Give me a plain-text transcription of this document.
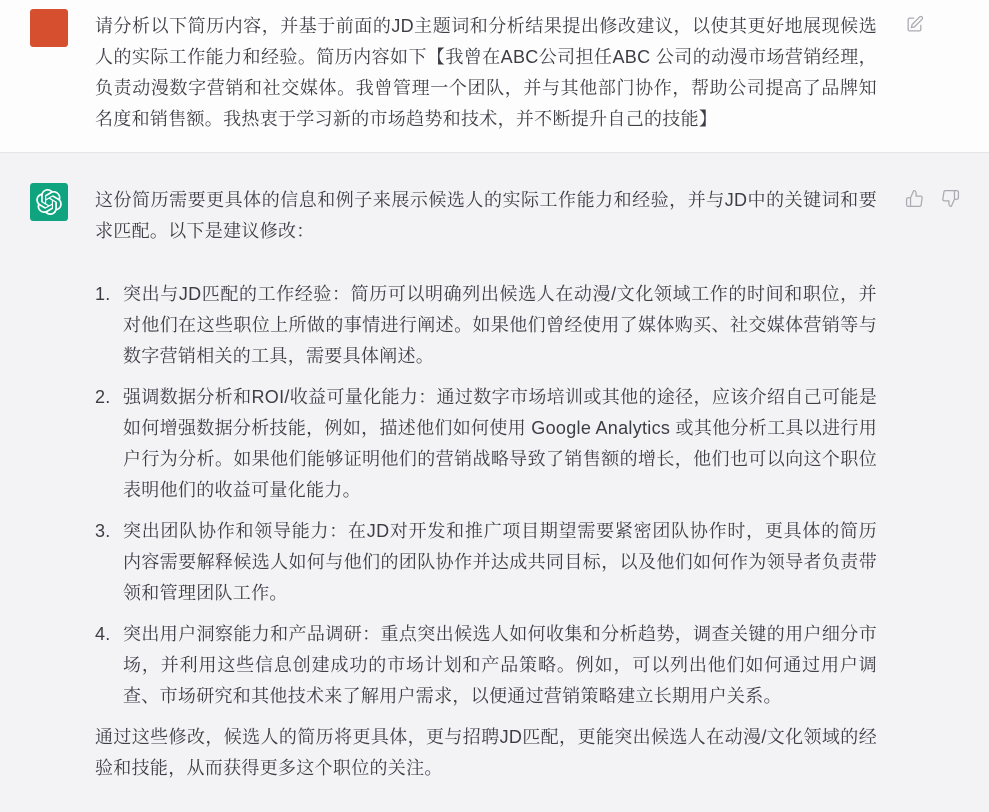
请分析以下简历内容，并基于前面的JD主题词和分析结果提出修改建议，以使其更好地展现候选人的实际工作能力和经验。简历内容如下【我曾在ABC公司担任ABC 公司的动漫市场营销经理，负责动漫数字营销和社交媒体。我曾管理一个团队，并与其他部门协作，帮助公司提高了品牌知名度和销售额。我热衷于学习新的市场趋势和技术，并不断提升自己的技能】

这份简历需要更具体的信息和例子来展示候选人的实际工作能力和经验，并与JD中的关键词和要求匹配。以下是建议修改：

1. 突出与JD匹配的工作经验：简历可以明确列出候选人在动漫/文化领域工作的时间和职位，并对他们在这些职位上所做的事情进行阐述。如果他们曾经使用了媒体购买、社交媒体营销等与数字营销相关的工具，需要具体阐述。
2. 强调数据分析和ROI/收益可量化能力：通过数字市场培训或其他的途径，应该介绍自己可能是如何增强数据分析技能，例如，描述他们如何使用 Google Analytics 或其他分析工具以进行用户行为分析。如果他们能够证明他们的营销战略导致了销售额的增长，他们也可以向这个职位表明他们的收益可量化能力。
3. 突出团队协作和领导能力：在JD对开发和推广项目期望需要紧密团队协作时，更具体的简历内容需要解释候选人如何与他们的团队协作并达成共同目标，以及他们如何作为领导者负责带领和管理团队工作。
4. 突出用户洞察能力和产品调研：重点突出候选人如何收集和分析趋势，调查关键的用户细分市场，并利用这些信息创建成功的市场计划和产品策略。例如，可以列出他们如何通过用户调查、市场研究和其他技术来了解用户需求，以便通过营销策略建立长期用户关系。

通过这些修改，候选人的简历将更具体，更与招聘JD匹配，更能突出候选人在动漫/文化领域的经验和技能，从而获得更多这个职位的关注。
